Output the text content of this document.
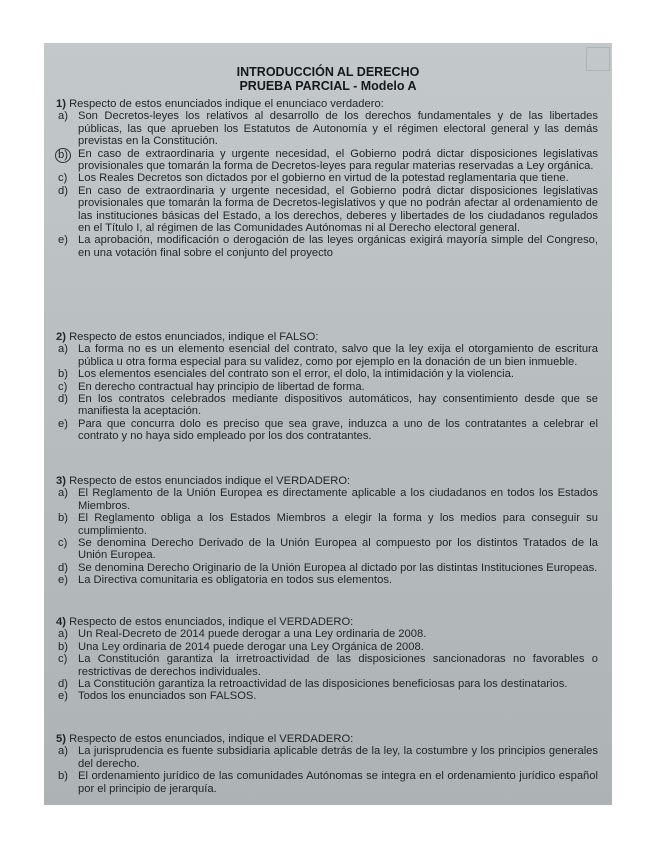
INTRODUCCIÓN AL DERECHO
PRUEBA PARCIAL - Modelo A
1) Respecto de estos enunciados indique el enunciaco verdadero:
a) Son Decretos-leyes los relativos al desarrollo de los derechos fundamentales y de las libertades públicas, las que aprueben los Estatutos de Autonomía y el régimen electoral general y las demás previstas en la Constitución.
b) En caso de extraordinaria y urgente necesidad, el Gobierno podrá dictar disposiciones legislativas provisionales que tomarán la forma de Decretos-leyes para regular materias reservadas a Ley orgánica.
c) Los Reales Decretos son dictados por el gobierno en virtud de la potestad reglamentaria que tiene.
d) En caso de extraordinaria y urgente necesidad, el Gobierno podrá dictar disposiciones legislativas provisionales que tomarán la forma de Decretos-legislativos y que no podrán afectar al ordenamiento de las instituciones básicas del Estado, a los derechos, deberes y libertades de los ciudadanos regulados en el Título I, al régimen de las Comunidades Autónomas ni al Derecho electoral general.
e) La aprobación, modificación o derogación de las leyes orgánicas exigirá mayoría simple del Congreso, en una votación final sobre el conjunto del proyecto
2) Respecto de estos enunciados, indique el FALSO:
a) La forma no es un elemento esencial del contrato, salvo que la ley exija el otorgamiento de escritura pública u otra forma especial para su validez, como por ejemplo en la donación de un bien inmueble.
b) Los elementos esenciales del contrato son el error, el dolo, la intimidación y la violencia.
c) En derecho contractual hay principio de libertad de forma.
d) En los contratos celebrados mediante dispositivos automáticos, hay consentimiento desde que se manifiesta la aceptación.
e) Para que concurra dolo es preciso que sea grave, induzca a uno de los contratantes a celebrar el contrato y no haya sido empleado por los dos contratantes.
3) Respecto de estos enunciados indique el VERDADERO:
a) El Reglamento de la Unión Europea es directamente aplicable a los ciudadanos en todos los Estados Miembros.
b) El Reglamento obliga a los Estados Miembros a elegir la forma y los medios para conseguir su cumplimiento.
c) Se denomina Derecho Derivado de la Unión Europea al compuesto por los distintos Tratados de la Unión Europea.
d) Se denomina Derecho Originario de la Unión Europea al dictado por las distintas Instituciones Europeas.
e) La Directiva comunitaria es obligatoria en todos sus elementos.
4) Respecto de estos enunciados, indique el VERDADERO:
a) Un Real-Decreto de 2014 puede derogar a una Ley ordinaria de 2008.
b) Una Ley ordinaria de 2014 puede derogar una Ley Orgánica de 2008.
c) La Constitución garantiza la irretroactividad de las disposiciones sancionadoras no favorables o restrictivas de derechos individuales.
d) La Constitución garantiza la retroactividad de las disposiciones beneficiosas para los destinatarios.
e) Todos los enunciados son FALSOS.
5) Respecto de estos enunciados, indique el VERDADERO:
a) La jurisprudencia es fuente subsidiaria aplicable detrás de la ley, la costumbre y los principios generales del derecho.
b) El ordenamiento jurídico de las comunidades Autónomas se integra en el ordenamiento jurídico español por el principio de jerarquía.
